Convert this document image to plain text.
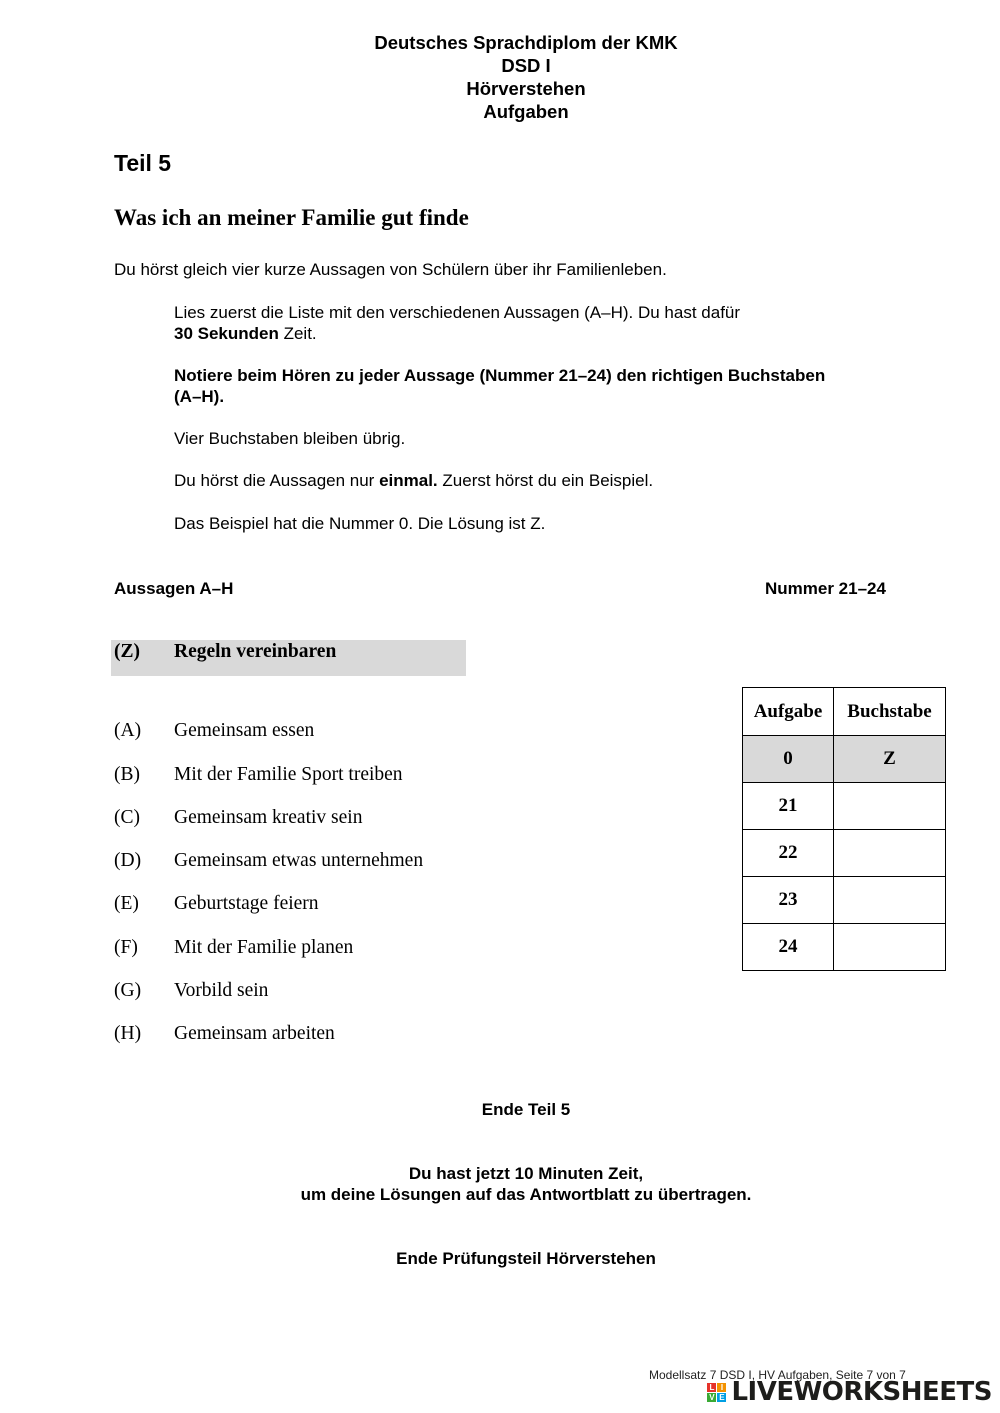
Deutsches Sprachdiplom der KMK
DSD I
Hörverstehen
Aufgaben
Teil 5
Was ich an meiner Familie gut finde
Du hörst gleich vier kurze Aussagen von Schülern über ihr Familienleben.
Lies zuerst die Liste mit den verschiedenen Aussagen (A–H). Du hast dafür
30 Sekunden Zeit.
Notiere beim Hören zu jeder Aussage (Nummer 21–24) den richtigen Buchstaben
(A–H).
Vier Buchstaben bleiben übrig.
Du hörst die Aussagen nur einmal. Zuerst hörst du ein Beispiel.
Das Beispiel hat die Nummer 0. Die Lösung ist Z.
Aussagen A–H	Nummer 21–24
(Z) Regeln vereinbaren
(A) Gemeinsam essen
(B) Mit der Familie Sport treiben
(C) Gemeinsam kreativ sein
(D) Gemeinsam etwas unternehmen
(E) Geburtstage feiern
(F) Mit der Familie planen
(G) Vorbild sein
(H) Gemeinsam arbeiten
Aufgabe	Buchstabe
0	Z
21	
22	
23	
24	
Ende Teil 5
Du hast jetzt 10 Minuten Zeit,
um deine Lösungen auf das Antwortblatt zu übertragen.
Ende Prüfungsteil Hörverstehen
Modellsatz 7 DSD I, HV Aufgaben, Seite 7 von 7
L I
V E LIVEWORKSHEETS
